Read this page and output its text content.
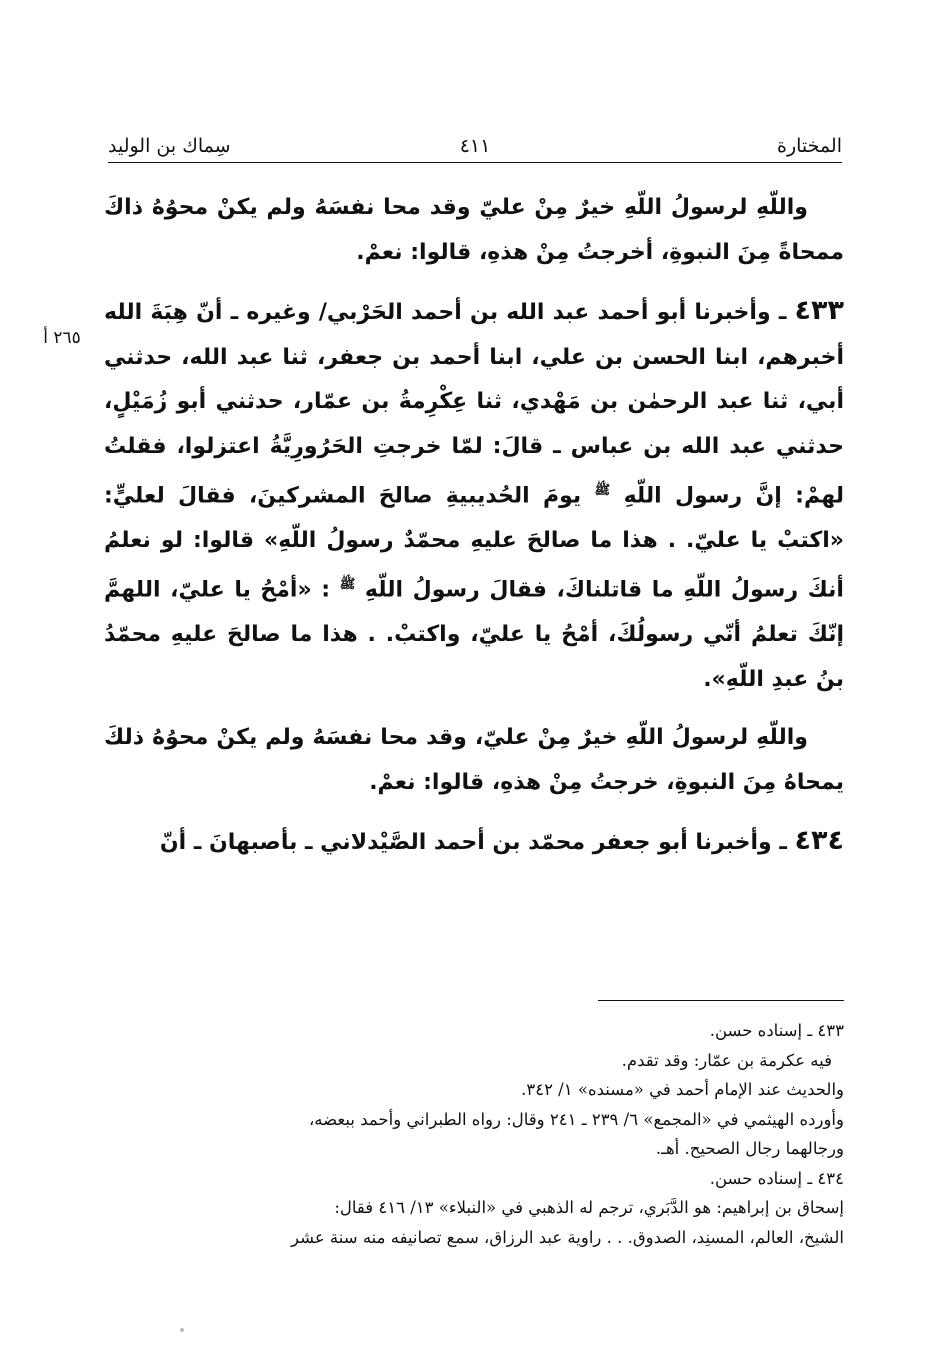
المختارة
٤١١
سِماك بن الوليد
٢٦٥ أ

واللّهِ لرسولُ اللّهِ خيرٌ مِنْ عليّ وقد محا نفسَهُ ولم يكنْ محوُهُ ذاكَ ممحاةً مِنَ النبوةِ، أخرجتُ مِنْ هذهِ، قالوا: نعمْ.

٤٣٣ ـ وأخبرنا أبو أحمد عبد الله بن أحمد الحَرْبي/ وغيره ـ أنّ هِبَةَ الله أخبرهم، ابنا الحسن بن علي، ابنا أحمد بن جعفر، ثنا عبد الله، حدثني أبي، ثنا عبد الرحمٰن بن مَهْدي، ثنا عِكْرِمةُ بن عمّار، حدثني أبو زُمَيْلٍ، حدثني عبد الله بن عباس ـ قالَ: لمّا خرجتِ الحَرُورِيَّةُ اعتزلوا، فقلتُ لهمْ: إنَّ رسول اللّهِ $^ﷺ$ يومَ الحُديبيةِ صالحَ المشركينَ، فقالَ لعليٍّ: «اكتبْ يا عليّ. . هذا ما صالحَ عليهِ محمّدٌ رسولُ اللّهِ» قالوا: لو نعلمُ أنكَ رسولُ اللّهِ ما قاتلناكَ، فقالَ رسولُ اللّهِ $^ﷺ$ : «أمْحُ يا عليّ، اللهمَّ إنّكَ تعلمُ أنّي رسولُكَ، أمْحُ يا عليّ، واكتبْ. . هذا ما صالحَ عليهِ محمّدُ بنُ عبدِ اللّهِ».

واللّهِ لرسولُ اللّهِ خيرٌ مِنْ عليّ، وقد محا نفسَهُ ولم يكنْ محوُهُ ذلكَ يمحاهُ مِنَ النبوةِ، خرجتُ مِنْ هذهِ، قالوا: نعمْ.

٤٣٤ ـ وأخبرنا أبو جعفر محمّد بن أحمد الصَّيْدلاني ـ بأصبهانَ ـ أنّ

٤٣٣ ـ إسناده حسن.

فيه عكرمة بن عمّار: وقد تقدم.

والحديث عند الإمام أحمد في «مسنده» ١/ ٣٤٢.

وأورده الهيثمي في «المجمع» ٦/ ٢٣٩ ـ ٢٤١ وقال: رواه الطبراني وأحمد ببعضه،

ورجالهما رجال الصحيح. أهـ.

٤٣٤ ـ إسناده حسن.

إسحاق بن إبراهيم: هو الدَّبَري، ترجم له الذهبي في «النبلاء» ١٣/ ٤١٦ فقال:

الشيخ، العالم، المسنِد، الصدوق. . . راوية عبد الرزاق، سمع تصانيفه منه سنة عشر
